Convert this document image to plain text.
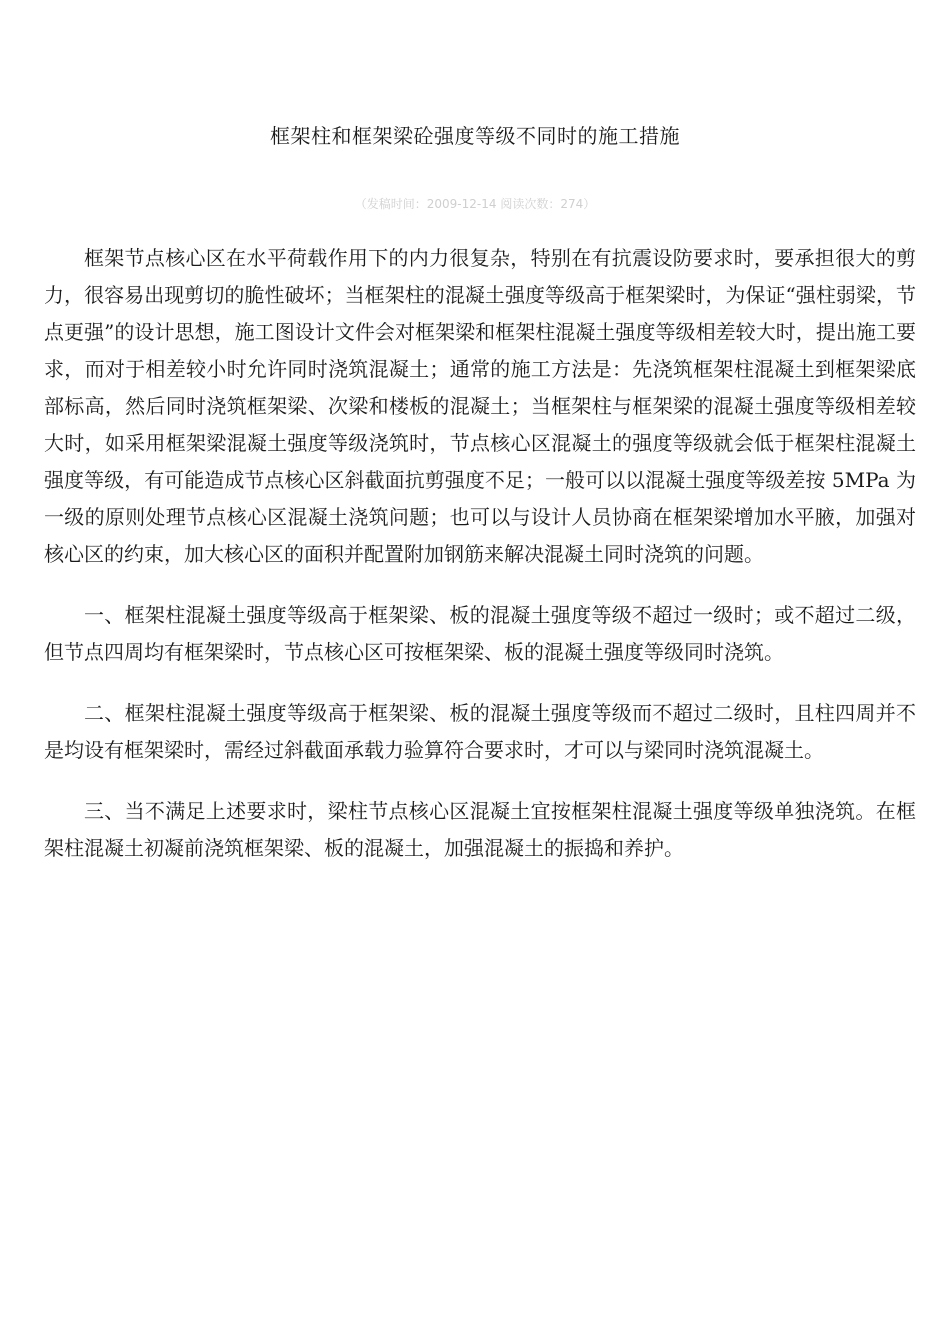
框架柱和框架梁砼强度等级不同时的施工措施
（发稿时间：2009-12-14 阅读次数：274）

框架节点核心区在水平荷载作用下的内力很复杂，特别在有抗震设防要求时，要承担很大的剪力，很容易出现剪切的脆性破坏；当框架柱的混凝土强度等级高于框架梁时，为保证“强柱弱梁，节点更强”的设计思想，施工图设计文件会对框架梁和框架柱混凝土强度等级相差较大时，提出施工要求，而对于相差较小时允许同时浇筑混凝土；通常的施工方法是：先浇筑框架柱混凝土到框架梁底部标高，然后同时浇筑框架梁、次梁和楼板的混凝土；当框架柱与框架梁的混凝土强度等级相差较大时，如采用框架梁混凝土强度等级浇筑时，节点核心区混凝土的强度等级就会低于框架柱混凝土强度等级，有可能造成节点核心区斜截面抗剪强度不足；一般可以以混凝土强度等级差按 5MPa 为一级的原则处理节点核心区混凝土浇筑问题；也可以与设计人员协商在框架梁增加水平腋，加强对核心区的约束，加大核心区的面积并配置附加钢筋来解决混凝土同时浇筑的问题。

一、框架柱混凝土强度等级高于框架梁、板的混凝土强度等级不超过一级时；或不超过二级，但节点四周均有框架梁时，节点核心区可按框架梁、板的混凝土强度等级同时浇筑。

二、框架柱混凝土强度等级高于框架梁、板的混凝土强度等级而不超过二级时，且柱四周并不是均设有框架梁时，需经过斜截面承载力验算符合要求时，才可以与梁同时浇筑混凝土。

三、当不满足上述要求时，梁柱节点核心区混凝土宜按框架柱混凝土强度等级单独浇筑。在框架柱混凝土初凝前浇筑框架梁、板的混凝土，加强混凝土的振捣和养护。
